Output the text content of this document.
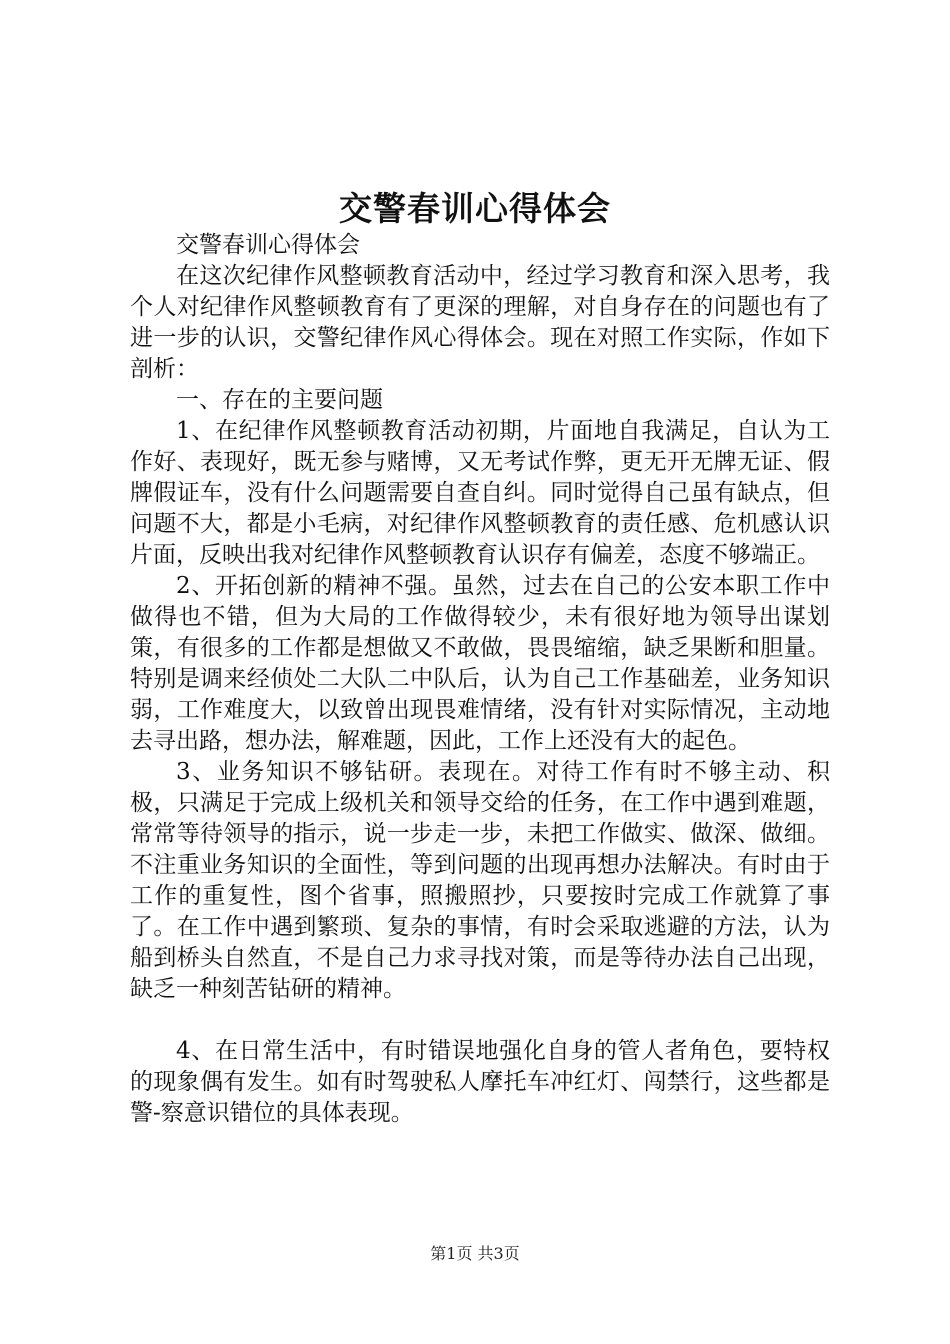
交警春训心得体会

交警春训心得体会

在这次纪律作风整顿教育活动中，经过学习教育和深入思考，我个人对纪律作风整顿教育有了更深的理解，对自身存在的问题也有了进一步的认识，交警纪律作风心得体会。现在对照工作实际，作如下剖析：

一、存在的主要问题

1、在纪律作风整顿教育活动初期，片面地自我满足，自认为工作好、表现好，既无参与赌博，又无考试作弊，更无开无牌无证、假牌假证车，没有什么问题需要自查自纠。同时觉得自己虽有缺点，但问题不大，都是小毛病，对纪律作风整顿教育的责任感、危机感认识片面，反映出我对纪律作风整顿教育认识存有偏差，态度不够端正。

2、开拓创新的精神不强。虽然，过去在自己的公安本职工作中做得也不错，但为大局的工作做得较少，未有很好地为领导出谋划策，有很多的工作都是想做又不敢做，畏畏缩缩，缺乏果断和胆量。特别是调来经侦处二大队二中队后，认为自己工作基础差，业务知识弱，工作难度大，以致曾出现畏难情绪，没有针对实际情况，主动地去寻出路，想办法，解难题，因此，工作上还没有大的起色。

3、业务知识不够钻研。表现在。对待工作有时不够主动、积极，只满足于完成上级机关和领导交给的任务，在工作中遇到难题，常常等待领导的指示，说一步走一步，未把工作做实、做深、做细。不注重业务知识的全面性，等到问题的出现再想办法解决。有时由于工作的重复性，图个省事，照搬照抄，只要按时完成工作就算了事了。在工作中遇到繁琐、复杂的事情，有时会采取逃避的方法，认为船到桥头自然直，不是自己力求寻找对策，而是等待办法自己出现，缺乏一种刻苦钻研的精神。

4、在日常生活中，有时错误地强化自身的管人者角色，要特权的现象偶有发生。如有时驾驶私人摩托车冲红灯、闯禁行，这些都是警-察意识错位的具体表现。

第1页 共3页
